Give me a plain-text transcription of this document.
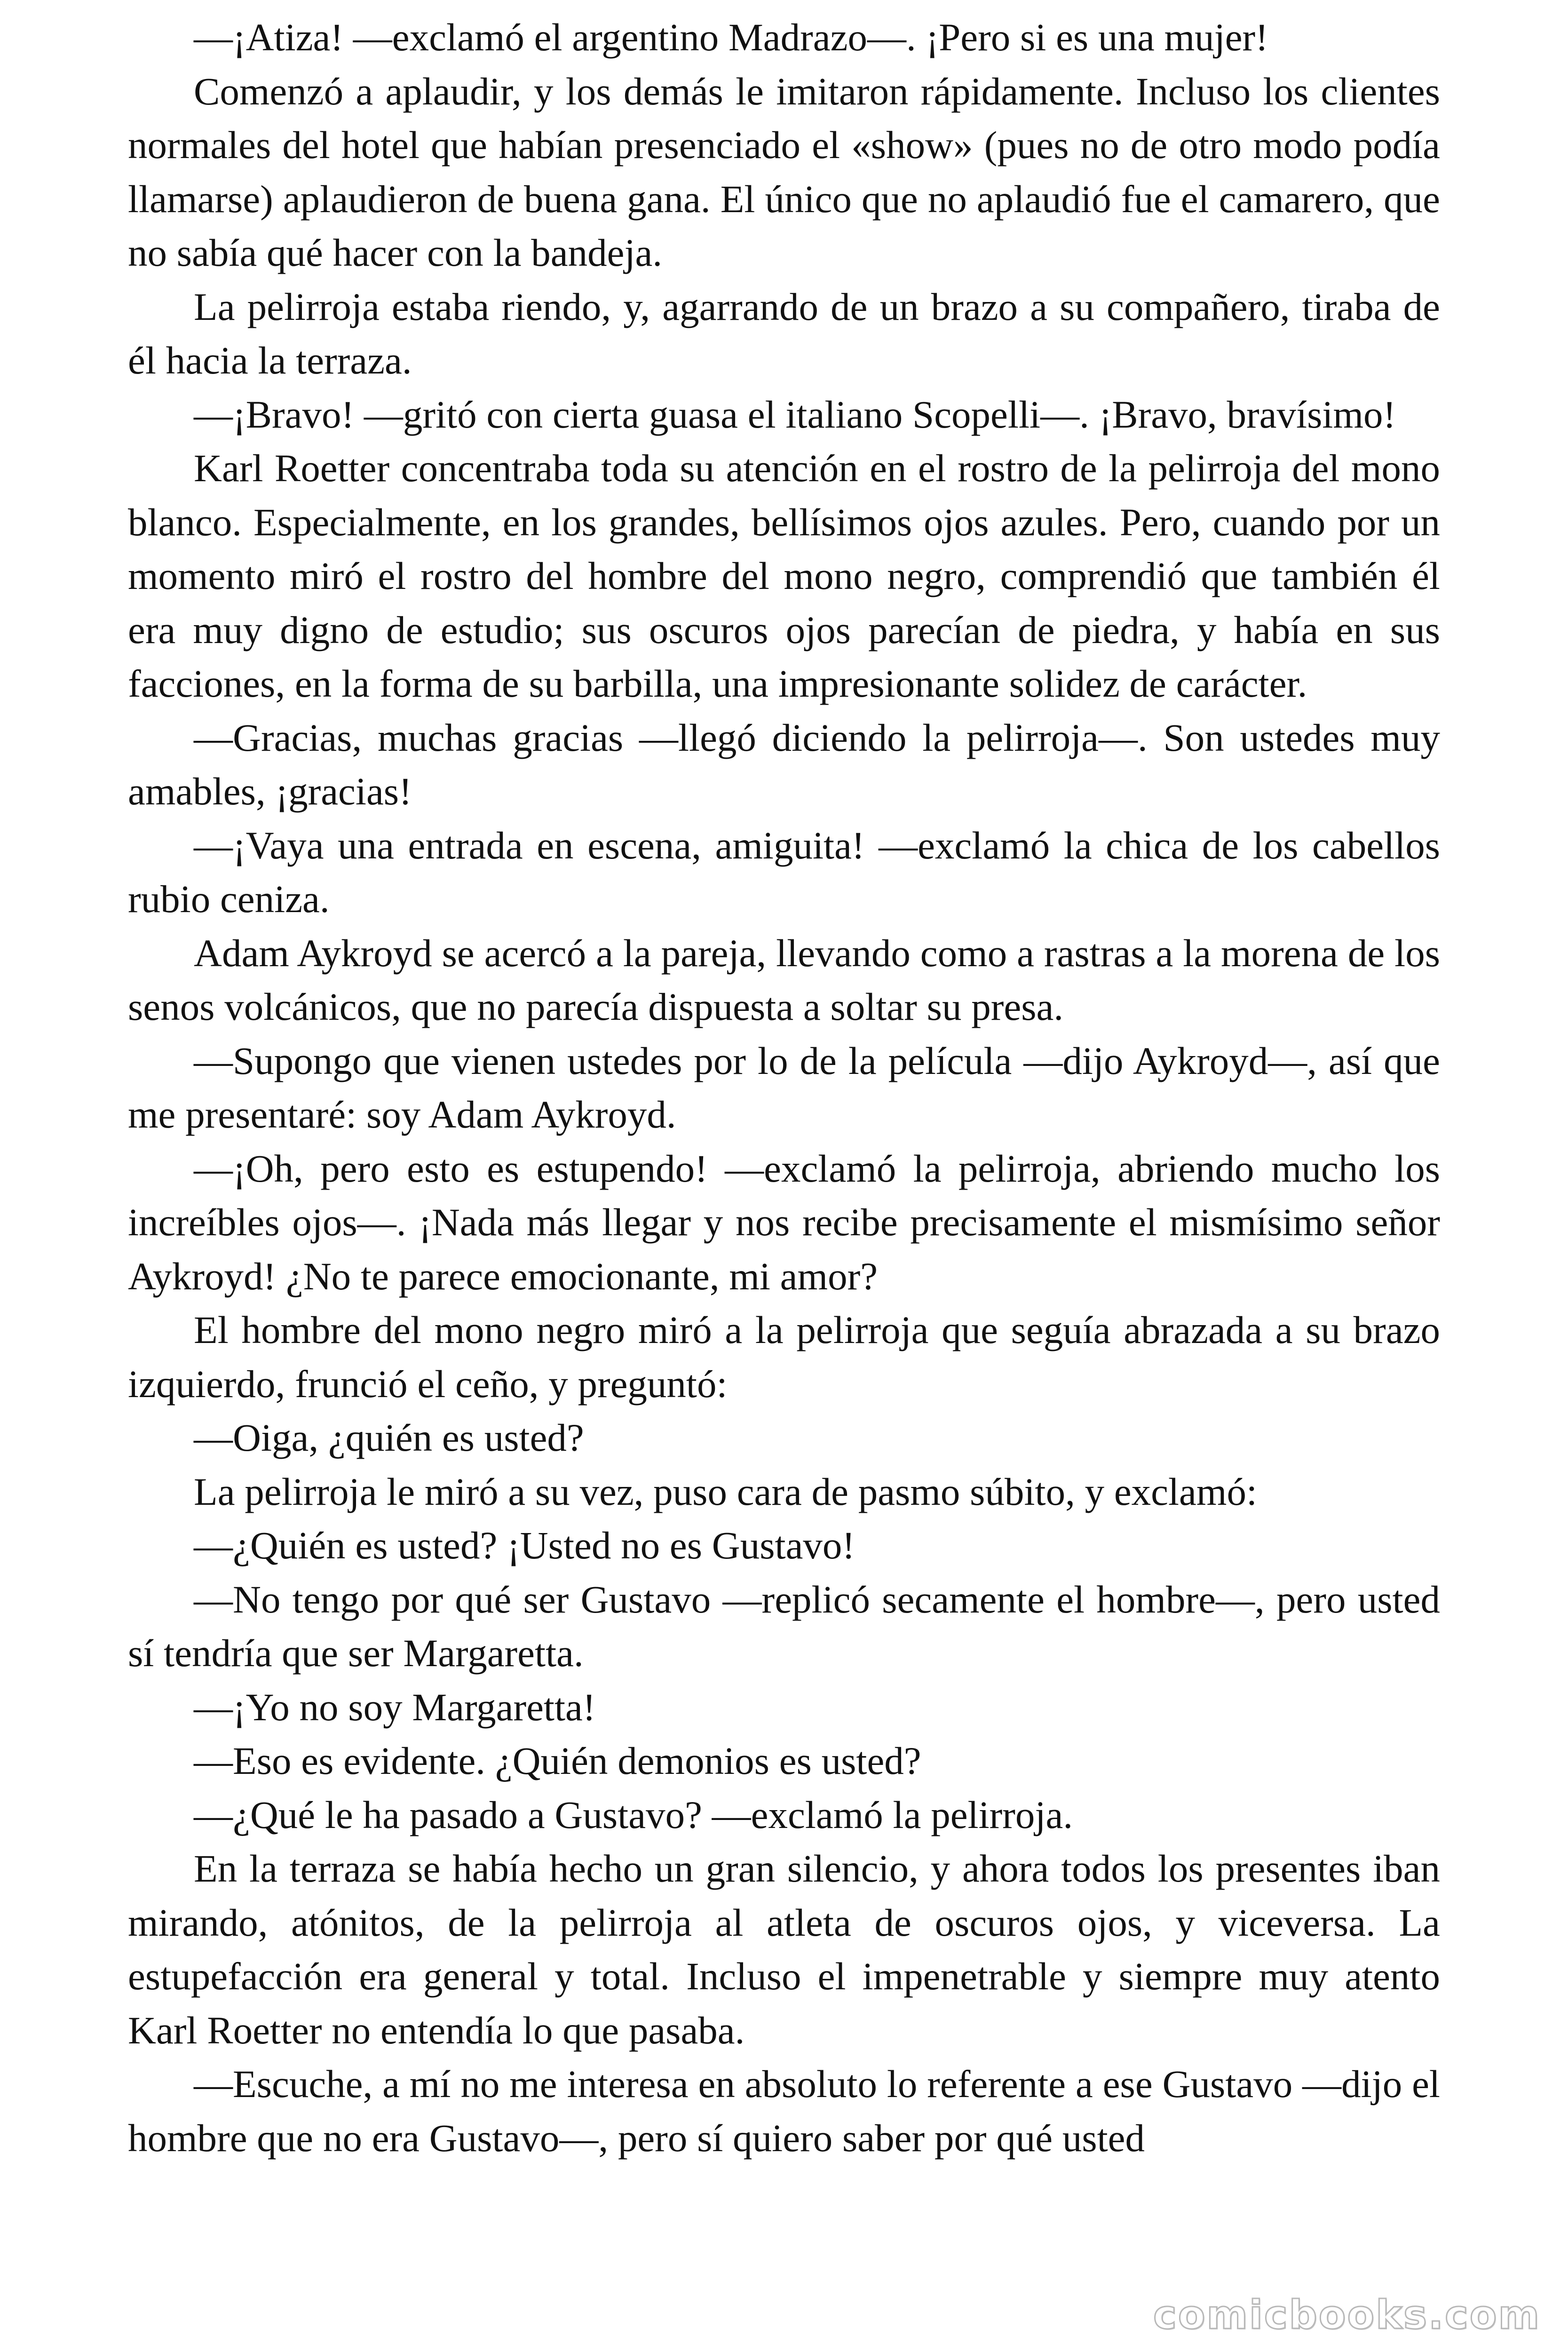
—¡Atiza! —exclamó el argentino Madrazo—. ¡Pero si es una mujer!

Comenzó a aplaudir, y los demás le imitaron rápidamente. Incluso los clientes normales del hotel que habían presenciado el «show» (pues no de otro modo podía llamarse) aplaudieron de buena gana. El único que no aplaudió fue el camarero, que no sabía qué hacer con la bandeja.

La pelirroja estaba riendo, y, agarrando de un brazo a su compañero, tiraba de él hacia la terraza.

—¡Bravo! —gritó con cierta guasa el italiano Scopelli—. ¡Bravo, bravísimo!

Karl Roetter concentraba toda su atención en el rostro de la pelirroja del mono blanco. Especialmente, en los grandes, bellísimos ojos azules. Pero, cuando por un momento miró el rostro del hombre del mono negro, comprendió que también él era muy digno de estudio; sus oscuros ojos parecían de piedra, y había en sus facciones, en la forma de su barbilla, una impresionante solidez de carácter.

—Gracias, muchas gracias —llegó diciendo la pelirroja—. Son ustedes muy amables, ¡gracias!

—¡Vaya una entrada en escena, amiguita! —exclamó la chica de los cabellos rubio ceniza.

Adam Aykroyd se acercó a la pareja, llevando como a rastras a la morena de los senos volcánicos, que no parecía dispuesta a soltar su presa.

—Supongo que vienen ustedes por lo de la película —dijo Aykroyd—, así que me presentaré: soy Adam Aykroyd.

—¡Oh, pero esto es estupendo! —exclamó la pelirroja, abriendo mucho los increíbles ojos—. ¡Nada más llegar y nos recibe precisamente el mismísimo señor Aykroyd! ¿No te parece emocionante, mi amor?

El hombre del mono negro miró a la pelirroja que seguía abrazada a su brazo izquierdo, frunció el ceño, y preguntó:

—Oiga, ¿quién es usted?

La pelirroja le miró a su vez, puso cara de pasmo súbito, y exclamó:

—¿Quién es usted? ¡Usted no es Gustavo!

—No tengo por qué ser Gustavo —replicó secamente el hombre—, pero usted sí tendría que ser Margaretta.

—¡Yo no soy Margaretta!

—Eso es evidente. ¿Quién demonios es usted?

—¿Qué le ha pasado a Gustavo? —exclamó la pelirroja.

En la terraza se había hecho un gran silencio, y ahora todos los presentes iban mirando, atónitos, de la pelirroja al atleta de oscuros ojos, y viceversa. La estupefacción era general y total. Incluso el impenetrable y siempre muy atento Karl Roetter no entendía lo que pasaba.

—Escuche, a mí no me interesa en absoluto lo referente a ese Gustavo —dijo el hombre que no era Gustavo—, pero sí quiero saber por qué usted

comicbooks.com
